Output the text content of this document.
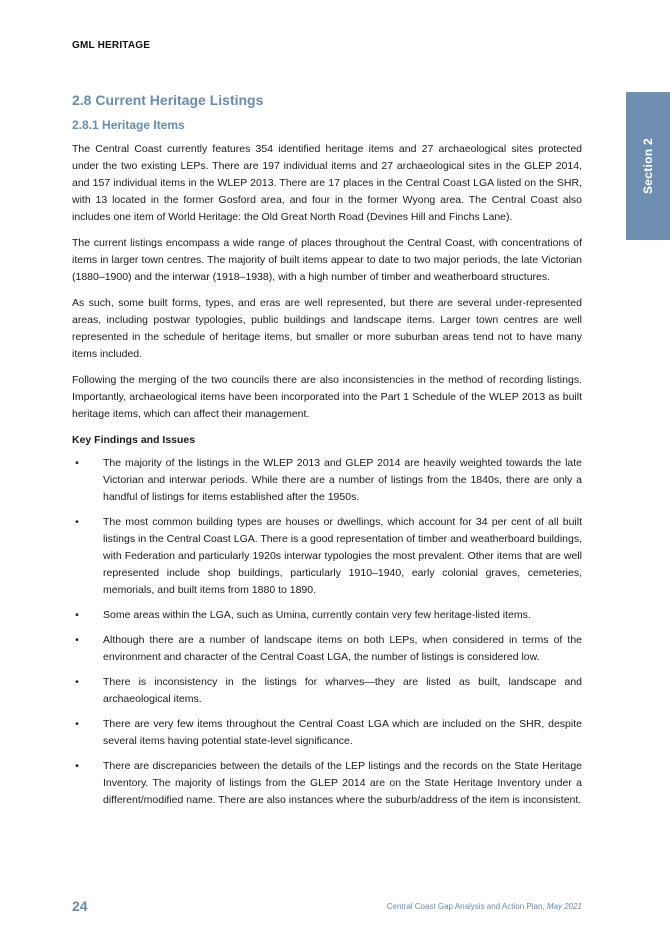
GML HERITAGE
Section 2
2.8 Current Heritage Listings
2.8.1 Heritage Items

The Central Coast currently features 354 identified heritage items and 27 archaeological sites protected under the two existing LEPs. There are 197 individual items and 27 archaeological sites in the GLEP 2014, and 157 individual items in the WLEP 2013. There are 17 places in the Central Coast LGA listed on the SHR, with 13 located in the former Gosford area, and four in the former Wyong area. The Central Coast also includes one item of World Heritage: the Old Great North Road (Devines Hill and Finchs Lane).

The current listings encompass a wide range of places throughout the Central Coast, with concentrations of items in larger town centres. The majority of built items appear to date to two major periods, the late Victorian (1880–1900) and the interwar (1918–1938), with a high number of timber and weatherboard structures.

As such, some built forms, types, and eras are well represented, but there are several under-represented areas, including postwar typologies, public buildings and landscape items. Larger town centres are well represented in the schedule of heritage items, but smaller or more suburban areas tend not to have many items included.

Following the merging of the two councils there are also inconsistencies in the method of recording listings. Importantly, archaeological items have been incorporated into the Part 1 Schedule of the WLEP 2013 as built heritage items, which can affect their management.

Key Findings and Issues
•	The majority of the listings in the WLEP 2013 and GLEP 2014 are heavily weighted towards the late Victorian and interwar periods. While there are a number of listings from the 1840s, there are only a handful of listings for items established after the 1950s.
•	The most common building types are houses or dwellings, which account for 34 per cent of all built listings in the Central Coast LGA. There is a good representation of timber and weatherboard buildings, with Federation and particularly 1920s interwar typologies the most prevalent. Other items that are well represented include shop buildings, particularly 1910–1940, early colonial graves, cemeteries, memorials, and built items from 1880 to 1890.
•	Some areas within the LGA, such as Umina, currently contain very few heritage-listed items.
•	Although there are a number of landscape items on both LEPs, when considered in terms of the environment and character of the Central Coast LGA, the number of listings is considered low.
•	There is inconsistency in the listings for wharves—they are listed as built, landscape and archaeological items.
•	There are very few items throughout the Central Coast LGA which are included on the SHR, despite several items having potential state-level significance.
•	There are discrepancies between the details of the LEP listings and the records on the State Heritage Inventory. The majority of listings from the GLEP 2014 are on the State Heritage Inventory under a different/modified name. There are also instances where the suburb/address of the item is inconsistent.
24	Central Coast Gap Analysis and Action Plan, May 2021
